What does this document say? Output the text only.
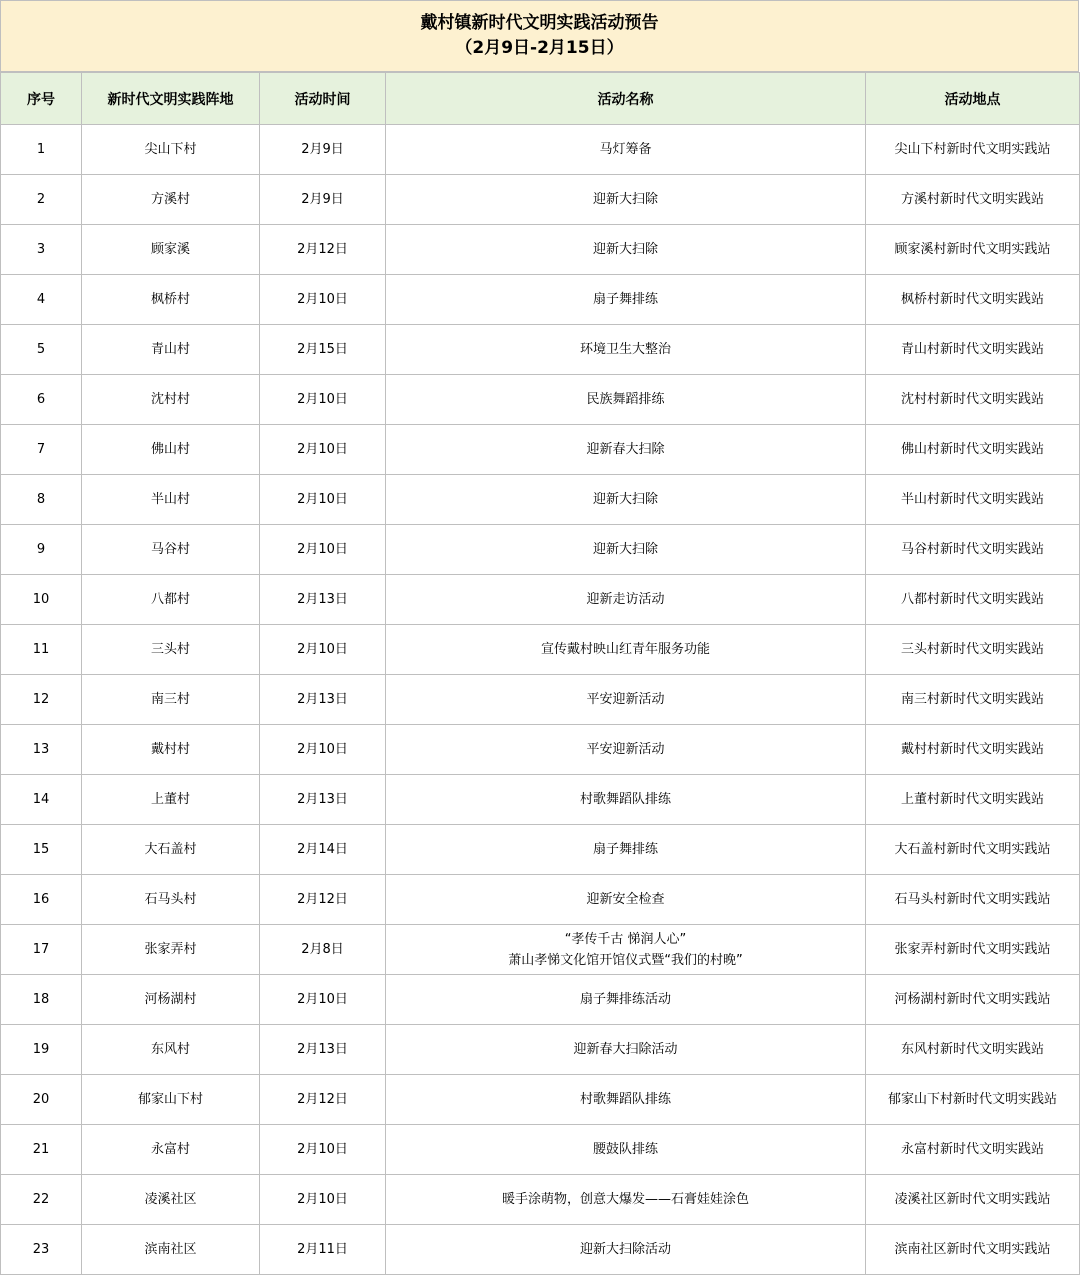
戴村镇新时代文明实践活动预告
（2月9日-2月15日）
序号	新时代文明实践阵地	活动时间	活动名称	活动地点
1	尖山下村	2月9日	马灯筹备	尖山下村新时代文明实践站
2	方溪村	2月9日	迎新大扫除	方溪村新时代文明实践站
3	顾家溪	2月12日	迎新大扫除	顾家溪村新时代文明实践站
4	枫桥村	2月10日	扇子舞排练	枫桥村新时代文明实践站
5	青山村	2月15日	环境卫生大整治	青山村新时代文明实践站
6	沈村村	2月10日	民族舞蹈排练	沈村村新时代文明实践站
7	佛山村	2月10日	迎新春大扫除	佛山村新时代文明实践站
8	半山村	2月10日	迎新大扫除	半山村新时代文明实践站
9	马谷村	2月10日	迎新大扫除	马谷村新时代文明实践站
10	八都村	2月13日	迎新走访活动	八都村新时代文明实践站
11	三头村	2月10日	宣传戴村映山红青年服务功能	三头村新时代文明实践站
12	南三村	2月13日	平安迎新活动	南三村新时代文明实践站
13	戴村村	2月10日	平安迎新活动	戴村村新时代文明实践站
14	上董村	2月13日	村歌舞蹈队排练	上董村新时代文明实践站
15	大石盖村	2月14日	扇子舞排练	大石盖村新时代文明实践站
16	石马头村	2月12日	迎新安全检查	石马头村新时代文明实践站
17	张家弄村	2月8日	“孝传千古 悌润人心”
萧山孝悌文化馆开馆仪式暨“我们的村晚”	张家弄村新时代文明实践站
18	河杨湖村	2月10日	扇子舞排练活动	河杨湖村新时代文明实践站
19	东风村	2月13日	迎新春大扫除活动	东风村新时代文明实践站
20	郁家山下村	2月12日	村歌舞蹈队排练	郁家山下村新时代文明实践站
21	永富村	2月10日	腰鼓队排练	永富村新时代文明实践站
22	凌溪社区	2月10日	暖手涂萌物，创意大爆发——石膏娃娃涂色	凌溪社区新时代文明实践站
23	滨南社区	2月11日	迎新大扫除活动	滨南社区新时代文明实践站
